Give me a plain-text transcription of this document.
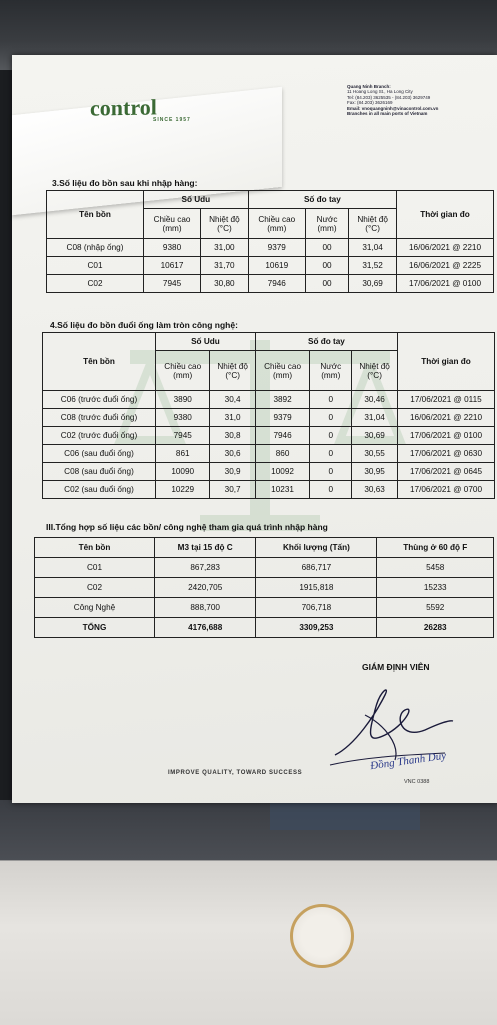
control
SINCE 1957
Quang Ninh Branch:
11 Hoang Long St., Ha Long City
Tel: (84.203) 3625535 - (84.203) 3629749
Fax: (84.203) 3626169
Email: vnoquangninh@vinacontrol.com.vn
Branches in all main ports of Vietnam
3.Số liệu đo bồn sau khi nhập hàng:
Tên bồn	Số Udu		Số đo tay			Thời gian đo
	Chiều cao (mm)	Nhiệt độ (°C)	Chiều cao (mm)	Nước (mm)	Nhiệt độ (°C)	
C08 (nhập ống)	9380	31,00	9379	00	31,04	16/06/2021 @ 2210
C01	10617	31,70	10619	00	31,52	16/06/2021 @ 2225
C02	7945	30,80	7946	00	30,69	17/06/2021 @ 0100
4.Số liệu đo bồn đuổi ống làm tròn công nghệ:
Tên bồn	Số Udu		Số đo tay			Thời gian đo
	Chiều cao (mm)	Nhiệt độ (°C)	Chiều cao (mm)	Nước (mm)	Nhiệt độ (°C)	
C06 (trước đuổi ống)	3890	30,4	3892	0	30,46	17/06/2021 @ 0115
C08 (trước đuổi ống)	9380	31,0	9379	0	31,04	16/06/2021 @ 2210
C02 (trước đuổi ống)	7945	30,8	7946	0	30,69	17/06/2021 @ 0100
C06 (sau đuổi ống)	861	30,6	860	0	30,55	17/06/2021 @ 0630
C08 (sau đuổi ống)	10090	30,9	10092	0	30,95	17/06/2021 @ 0645
C02 (sau đuổi ống)	10229	30,7	10231	0	30,63	17/06/2021 @ 0700
III.Tổng hợp số liệu các bồn/ công nghệ tham gia quá trình nhập hàng
Tên bồn	M3 tại 15 độ C	Khối lượng (Tấn)	Thùng ở 60 độ F
C01	867,283	686,717	5458
C02	2420,705	1915,818	15233
Công Nghệ	888,700	706,718	5592
TỔNG	4176,688	3309,253	26283
GIÁM ĐỊNH VIÊN
Đồng Thanh Duy
VNC 0388
IMPROVE QUALITY, TOWARD SUCCESS
